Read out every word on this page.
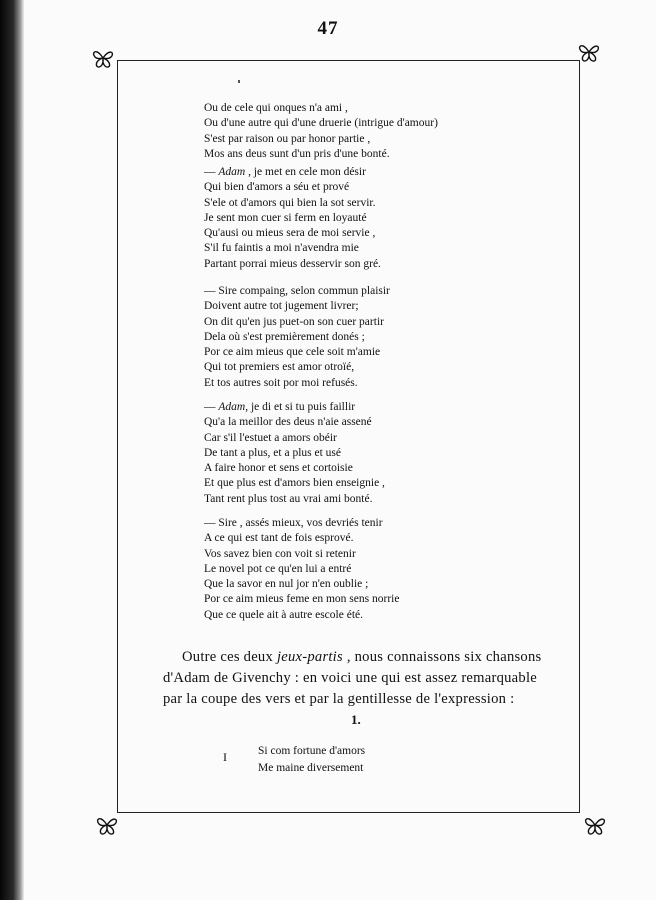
47
Ou de cele qui onques n'a ami ,
Ou d'une autre qui d'une druerie (intrigue d'amour)
S'est par raison ou par honor partie ,
Mos ans deus sunt d'un pris d'une bonté.
— Adam , je met en cele mon désir
Qui bien d'amors a séu et prové
S'ele ot d'amors qui bien la sot servir.
Je sent mon cuer si ferm en loyauté
Qu'ausi ou mieus sera de moi servie ,
S'il fu faintis a moi n'avendra mie
Partant porrai mieus desservir son gré.
— Sire compaing, selon commun plaisir
Doivent autre tot jugement livrer;
On dit qu'en jus puet-on son cuer partir
Dela où s'est premièrement donés ;
Por ce aim mieus que cele soit m'amie
Qui tot premiers est amor otroïé,
Et tos autres soit por moi refusés.
— Adam, je di et si tu puis faillir
Qu'a la meillor des deus n'aie assené
Car s'il l'estuet a amors obéir
De tant a plus, et a plus et usé
A faire honor et sens et cortoisie
Et que plus est d'amors bien enseignie ,
Tant rent plus tost au vrai ami bonté.
— Sire , assés mieux, vos devriés tenir
A ce qui est tant de fois esprové.
Vos savez bien con voit si retenir
Le novel pot ce qu'en lui a entré
Que la savor en nul jor n'en oublie ;
Por ce aim mieus feme en mon sens norrie
Que ce quele ait à autre escole été.
Outre ces deux jeux-partis , nous connaissons six chansons
d'Adam de Givenchy : en voici une qui est assez remarquable
par la coupe des vers et par la gentillesse de l'expression :
1.
I	Si com fortune d'amors
Me maine diversement
